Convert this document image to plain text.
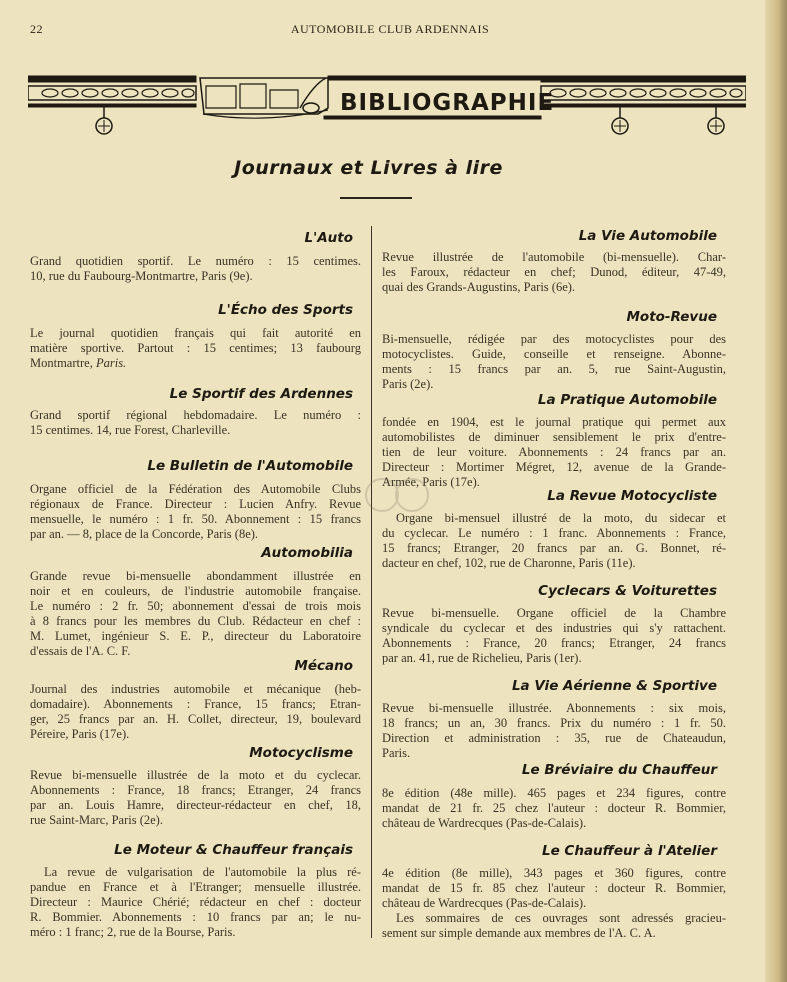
22	AUTOMOBILE CLUB ARDENNAIS
BIBLIOGRAPHIE
Journaux et Livres à lire
L'Auto
Grand quotidien sportif. Le numéro : 15 centimes.
10, rue du Faubourg-Montmartre, Paris (9e).
L'Écho des Sports
Le journal quotidien français qui fait autorité en
matière sportive. Partout : 15 centimes; 13 faubourg
Montmartre, Paris.
Le Sportif des Ardennes
Grand sportif régional hebdomadaire. Le numéro :
15 centimes. 14, rue Forest, Charleville.
Le Bulletin de l'Automobile
Organe officiel de la Fédération des Automobile Clubs
régionaux de France. Directeur : Lucien Anfry. Revue
mensuelle, le numéro : 1 fr. 50. Abonnement : 15 francs
par an. — 8, place de la Concorde, Paris (8e).
Automobilia
Grande revue bi-mensuelle abondamment illustrée en
noir et en couleurs, de l'industrie automobile française.
Le numéro : 2 fr. 50; abonnement d'essai de trois mois
à 8 francs pour les membres du Club. Rédacteur en chef :
M. Lumet, ingénieur S. E. P., directeur du Laboratoire
d'essais de l'A. C. F.
Mécano
Journal des industries automobile et mécanique (heb-
domadaire). Abonnements : France, 15 francs; Etran-
ger, 25 francs par an. H. Collet, directeur, 19, boulevard
Péreire, Paris (17e).
Motocyclisme
Revue bi-mensuelle illustrée de la moto et du cyclecar.
Abonnements : France, 18 francs; Etranger, 24 francs
par an. Louis Hamre, directeur-rédacteur en chef, 18,
rue Saint-Marc, Paris (2e).
Le Moteur & Chauffeur français
La revue de vulgarisation de l'automobile la plus ré-
pandue en France et à l'Etranger; mensuelle illustrée.
Directeur : Maurice Chérié; rédacteur en chef : docteur
R. Bommier. Abonnements : 10 francs par an; le nu-
méro : 1 franc; 2, rue de la Bourse, Paris.
La Vie Automobile
Revue illustrée de l'automobile (bi-mensuelle). Char-
les Faroux, rédacteur en chef; Dunod, éditeur, 47-49,
quai des Grands-Augustins, Paris (6e).
Moto-Revue
Bi-mensuelle, rédigée par des motocyclistes pour des
motocyclistes. Guide, conseille et renseigne. Abonne-
ments : 15 francs par an. 5, rue Saint-Augustin,
Paris (2e).
La Pratique Automobile
fondée en 1904, est le journal pratique qui permet aux
automobilistes de diminuer sensiblement le prix d'entre-
tien de leur voiture. Abonnements : 24 francs par an.
Directeur : Mortimer Mégret, 12, avenue de la Grande-
Armée, Paris (17e).
La Revue Motocycliste
Organe bi-mensuel illustré de la moto, du sidecar et
du cyclecar. Le numéro : 1 franc. Abonnements : France,
15 francs; Etranger, 20 francs par an. G. Bonnet, ré-
dacteur en chef, 102, rue de Charonne, Paris (11e).
Cyclecars & Voiturettes
Revue bi-mensuelle. Organe officiel de la Chambre
syndicale du cyclecar et des industries qui s'y rattachent.
Abonnements : France, 20 francs; Etranger, 24 francs
par an. 41, rue de Richelieu, Paris (1er).
La Vie Aérienne & Sportive
Revue bi-mensuelle illustrée. Abonnements : six mois,
18 francs; un an, 30 francs. Prix du numéro : 1 fr. 50.
Direction et administration : 35, rue de Chateaudun,
Paris.
Le Bréviaire du Chauffeur
8e édition (48e mille). 465 pages et 234 figures, contre
mandat de 21 fr. 25 chez l'auteur : docteur R. Bommier,
château de Wardrecques (Pas-de-Calais).
Le Chauffeur à l'Atelier
4e édition (8e mille), 343 pages et 360 figures, contre
mandat de 15 fr. 85 chez l'auteur : docteur R. Bommier,
château de Wardrecques (Pas-de-Calais).
Les sommaires de ces ouvrages sont adressés gracieu-
sement sur simple demande aux membres de l'A. C. A.
